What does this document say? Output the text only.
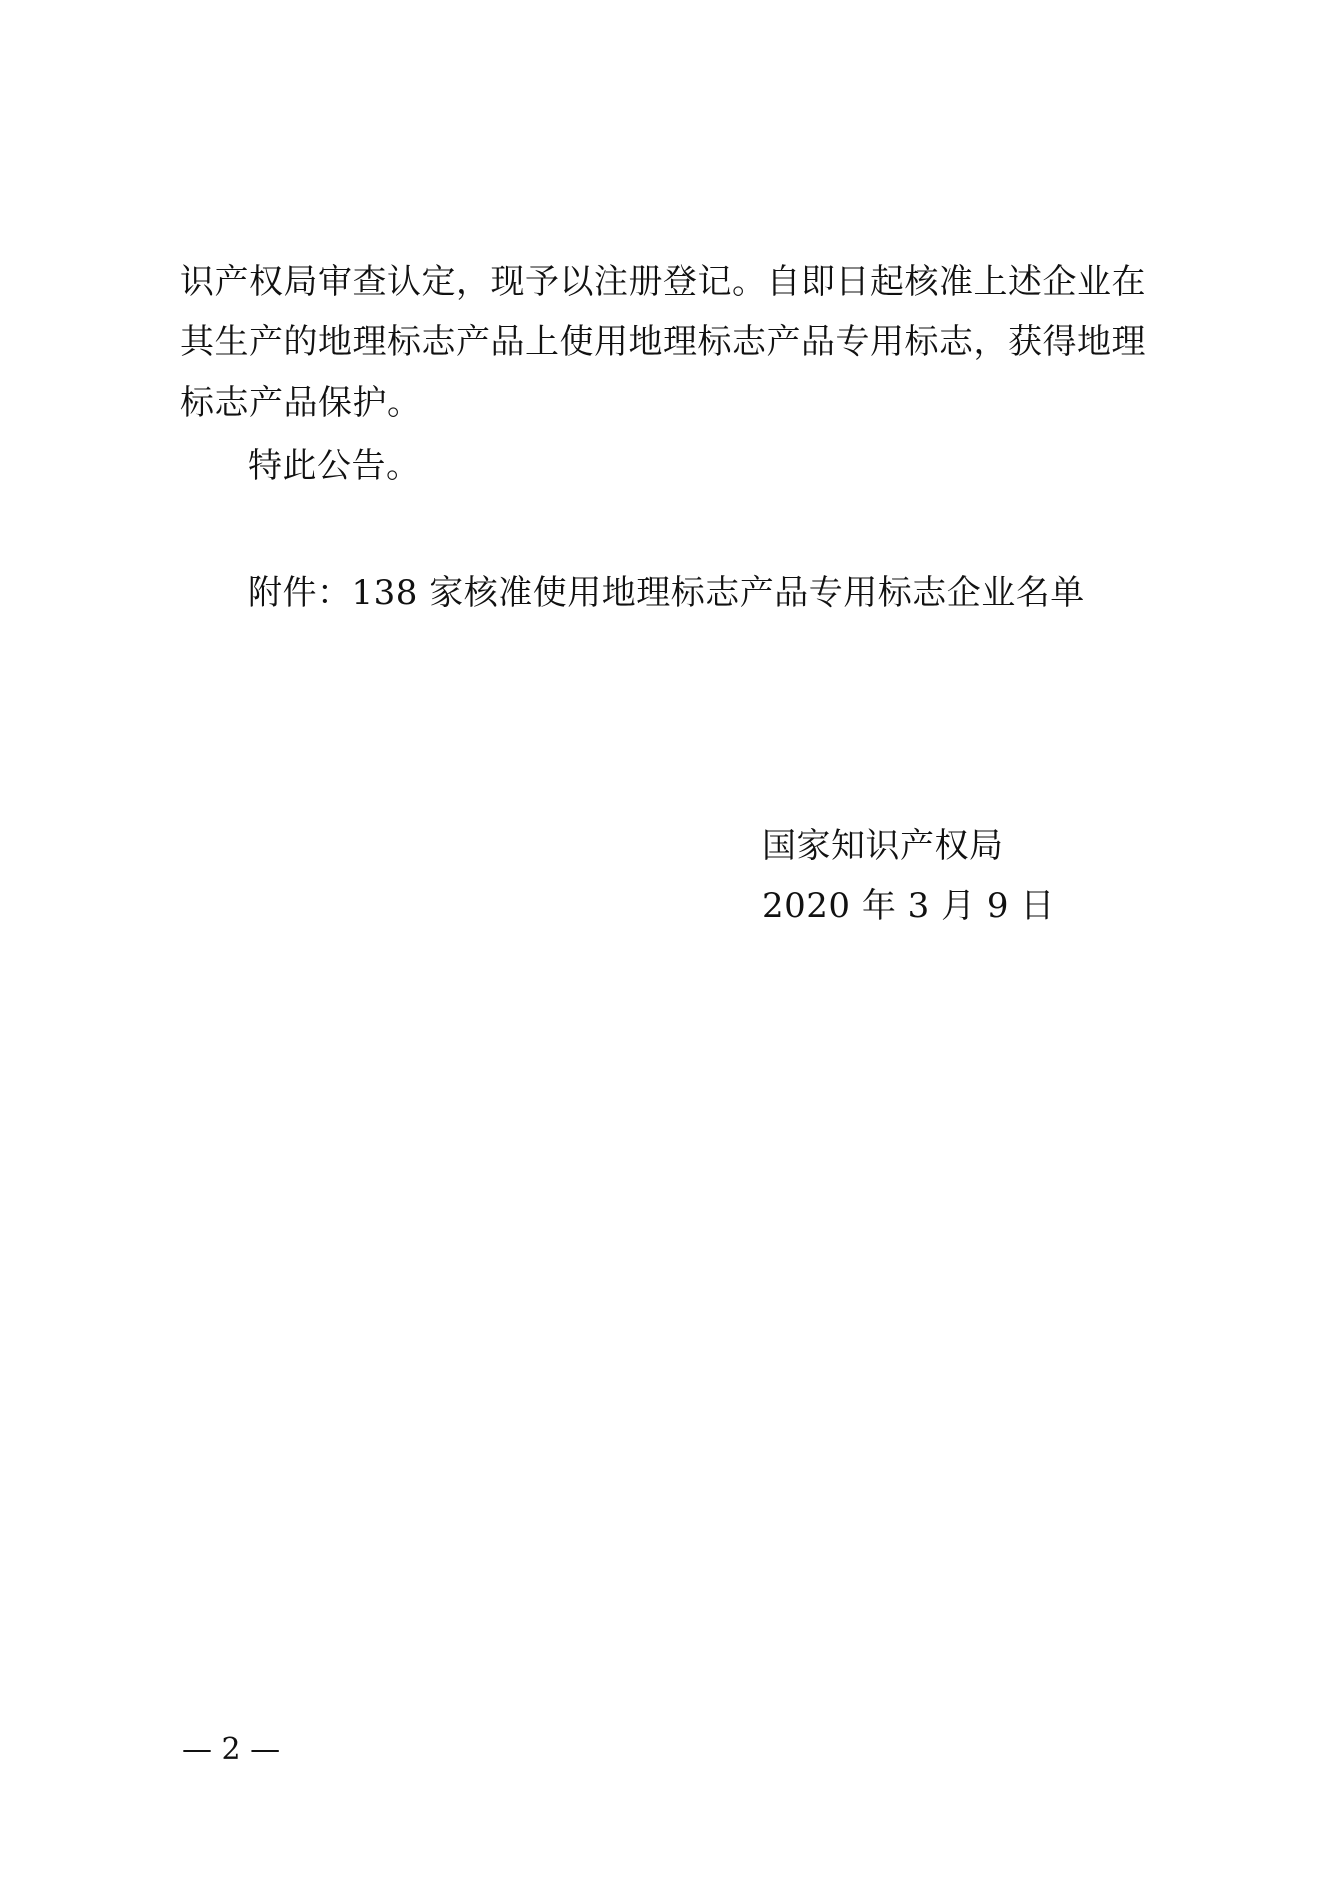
识产权局审查认定，现予以注册登记。自即日起核准上述企业在
其生产的地理标志产品上使用地理标志产品专用标志，获得地理
标志产品保护。
特此公告。
附件：138 家核准使用地理标志产品专用标志企业名单
国家知识产权局
2020 年 3 月 9 日
— 2 —
